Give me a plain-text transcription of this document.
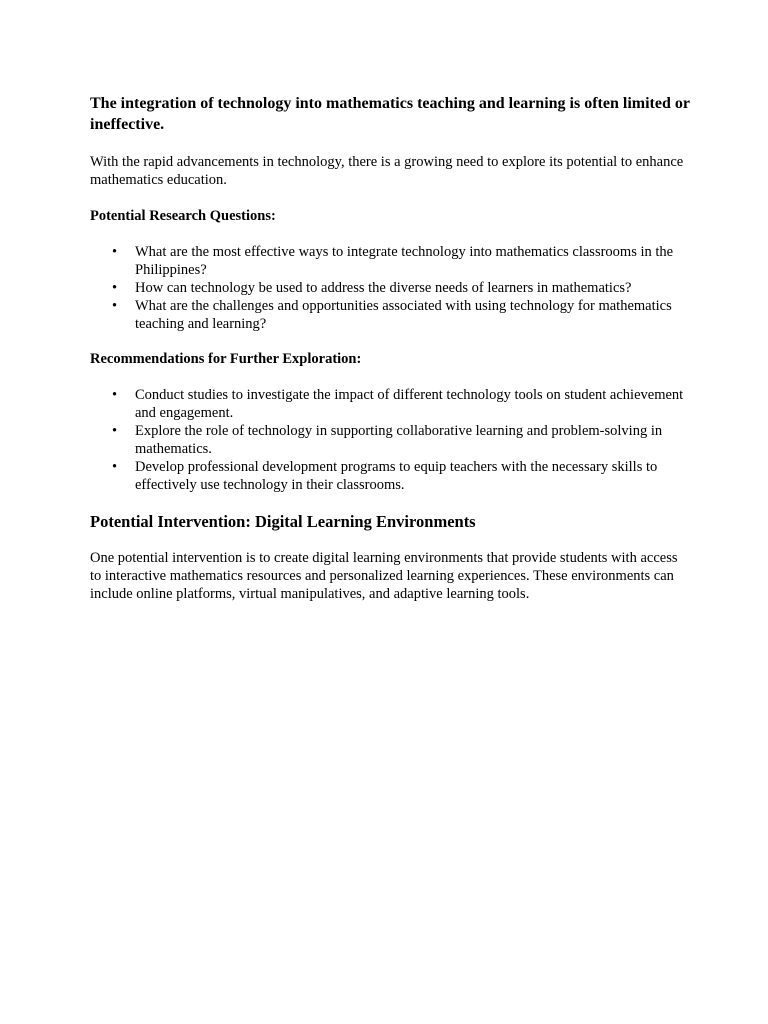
The integration of technology into mathematics teaching and learning is often limited or ineffective.

With the rapid advancements in technology, there is a growing need to explore its potential to enhance mathematics education.

Potential Research Questions:

• What are the most effective ways to integrate technology into mathematics classrooms in the Philippines?
• How can technology be used to address the diverse needs of learners in mathematics?
• What are the challenges and opportunities associated with using technology for mathematics teaching and learning?

Recommendations for Further Exploration:

• Conduct studies to investigate the impact of different technology tools on student achievement and engagement.
• Explore the role of technology in supporting collaborative learning and problem-solving in mathematics.
• Develop professional development programs to equip teachers with the necessary skills to effectively use technology in their classrooms.
Potential Intervention: Digital Learning Environments

One potential intervention is to create digital learning environments that provide students with access to interactive mathematics resources and personalized learning experiences. These environments can include online platforms, virtual manipulatives, and adaptive learning tools.
